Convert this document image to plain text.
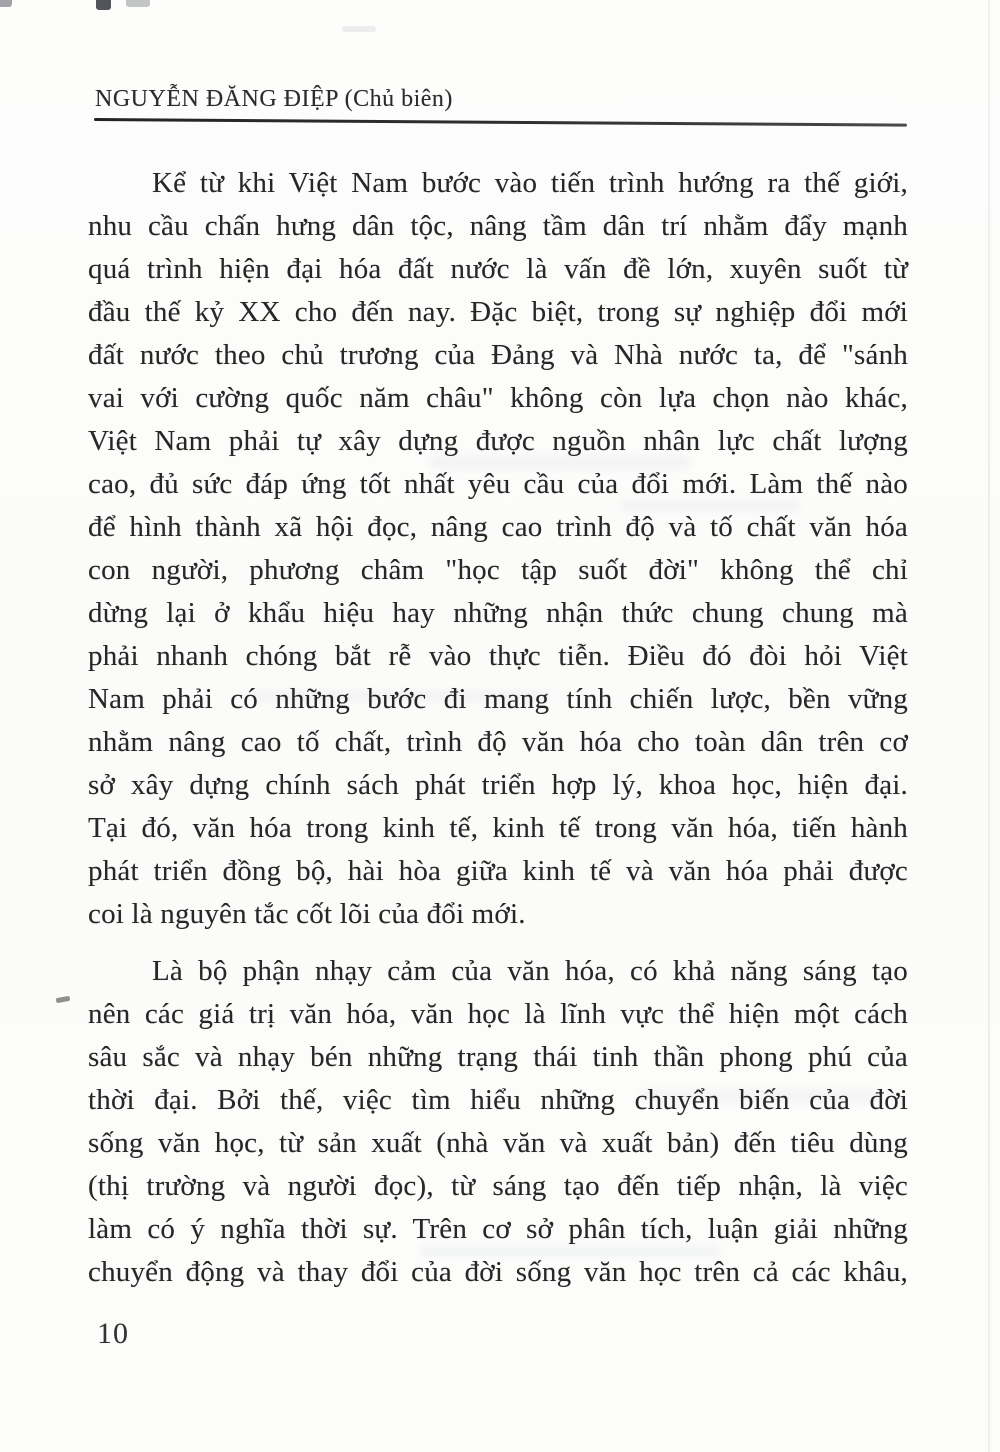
NGUYỄN ĐĂNG ĐIỆP (Chủ biên)
Kể từ khi Việt Nam bước vào tiến trình hướng ra thế giới,
nhu cầu chấn hưng dân tộc, nâng tầm dân trí nhằm đẩy mạnh
quá trình hiện đại hóa đất nước là vấn đề lớn, xuyên suốt từ
đầu thế kỷ XX cho đến nay. Đặc biệt, trong sự nghiệp đổi mới
đất nước theo chủ trương của Đảng và Nhà nước ta, để "sánh
vai với cường quốc năm châu" không còn lựa chọn nào khác,
Việt Nam phải tự xây dựng được nguồn nhân lực chất lượng
cao, đủ sức đáp ứng tốt nhất yêu cầu của đổi mới. Làm thế nào
để hình thành xã hội đọc, nâng cao trình độ và tố chất văn hóa
con người, phương châm "học tập suốt đời" không thể chỉ
dừng lại ở khẩu hiệu hay những nhận thức chung chung mà
phải nhanh chóng bắt rễ vào thực tiễn. Điều đó đòi hỏi Việt
Nam phải có những bước đi mang tính chiến lược, bền vững
nhằm nâng cao tố chất, trình độ văn hóa cho toàn dân trên cơ
sở xây dựng chính sách phát triển hợp lý, khoa học, hiện đại.
Tại đó, văn hóa trong kinh tế, kinh tế trong văn hóa, tiến hành
phát triển đồng bộ, hài hòa giữa kinh tế và văn hóa phải được
coi là nguyên tắc cốt lõi của đổi mới.
Là bộ phận nhạy cảm của văn hóa, có khả năng sáng tạo
nên các giá trị văn hóa, văn học là lĩnh vực thể hiện một cách
sâu sắc và nhạy bén những trạng thái tinh thần phong phú của
thời đại. Bởi thế, việc tìm hiểu những chuyển biến của đời
sống văn học, từ sản xuất (nhà văn và xuất bản) đến tiêu dùng
(thị trường và người đọc), từ sáng tạo đến tiếp nhận, là việc
làm có ý nghĩa thời sự. Trên cơ sở phân tích, luận giải những
chuyển động và thay đổi của đời sống văn học trên cả các khâu,
10
